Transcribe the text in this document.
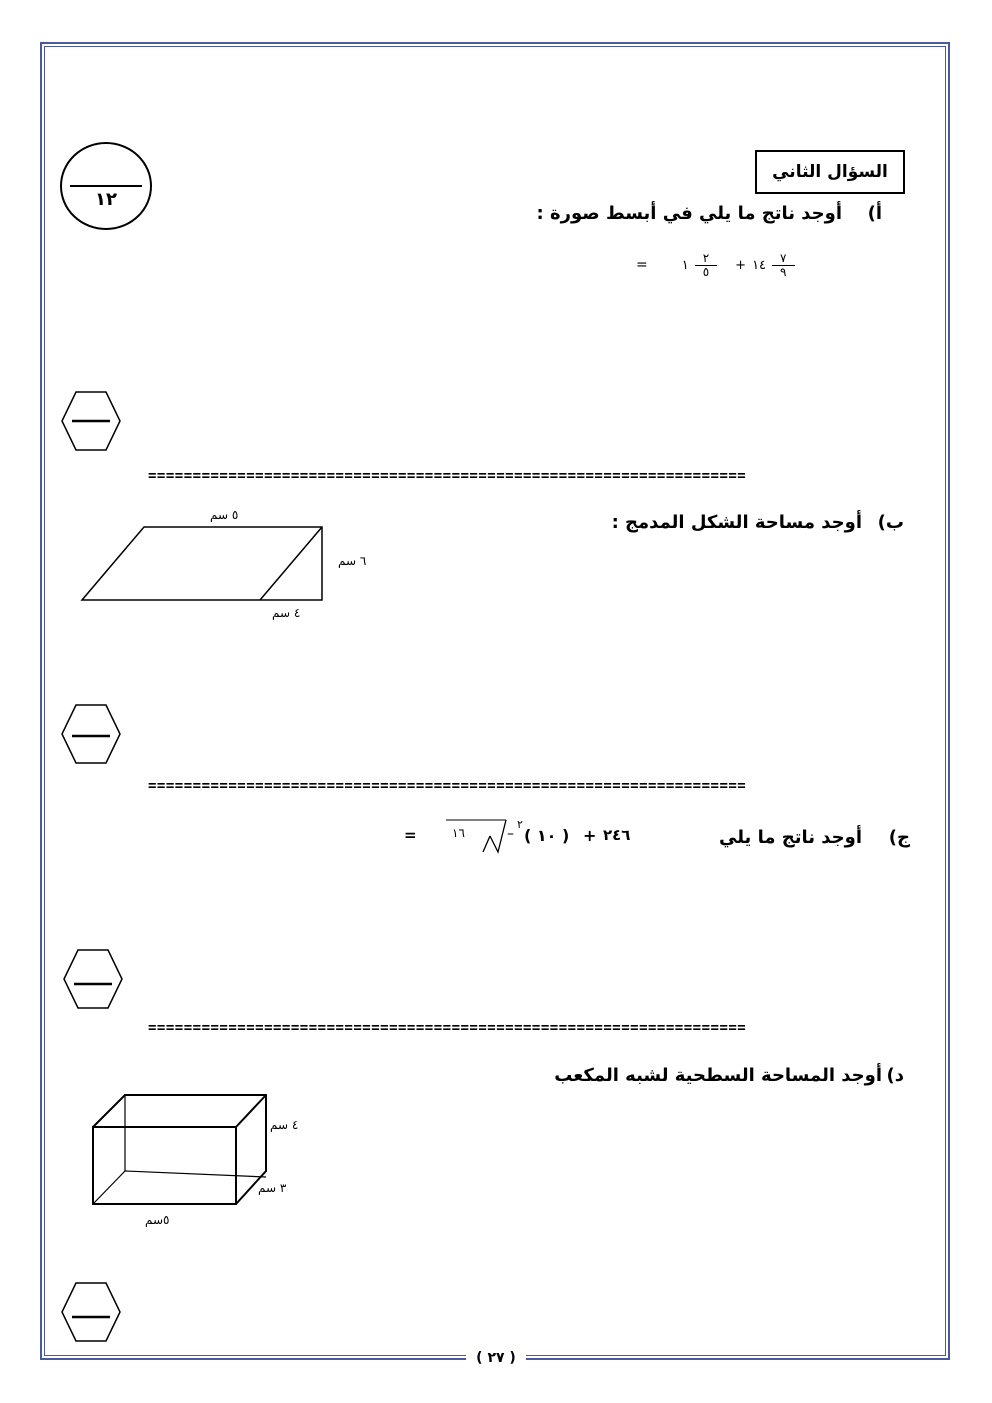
١٢
السؤال الثاني
أ)
أوجد ناتج ما يلي في أبسط صورة :
=	١ $\frac{٢}{٥}$ + ١٤ $\frac{٧}{٩}$
===================================================================
ب)
أوجد مساحة الشكل المدمج :
٥ سم
٦ سم
٤ سم
===================================================================
ج)
أوجد ناتج ما يلي
=	١٦	–
٢
( ١٠ ) + ٢٤٦
===================================================================
د)
أوجد المساحة السطحية لشبه المكعب
٤ سم
٣ سم
٥سم
( ٢٧ )
